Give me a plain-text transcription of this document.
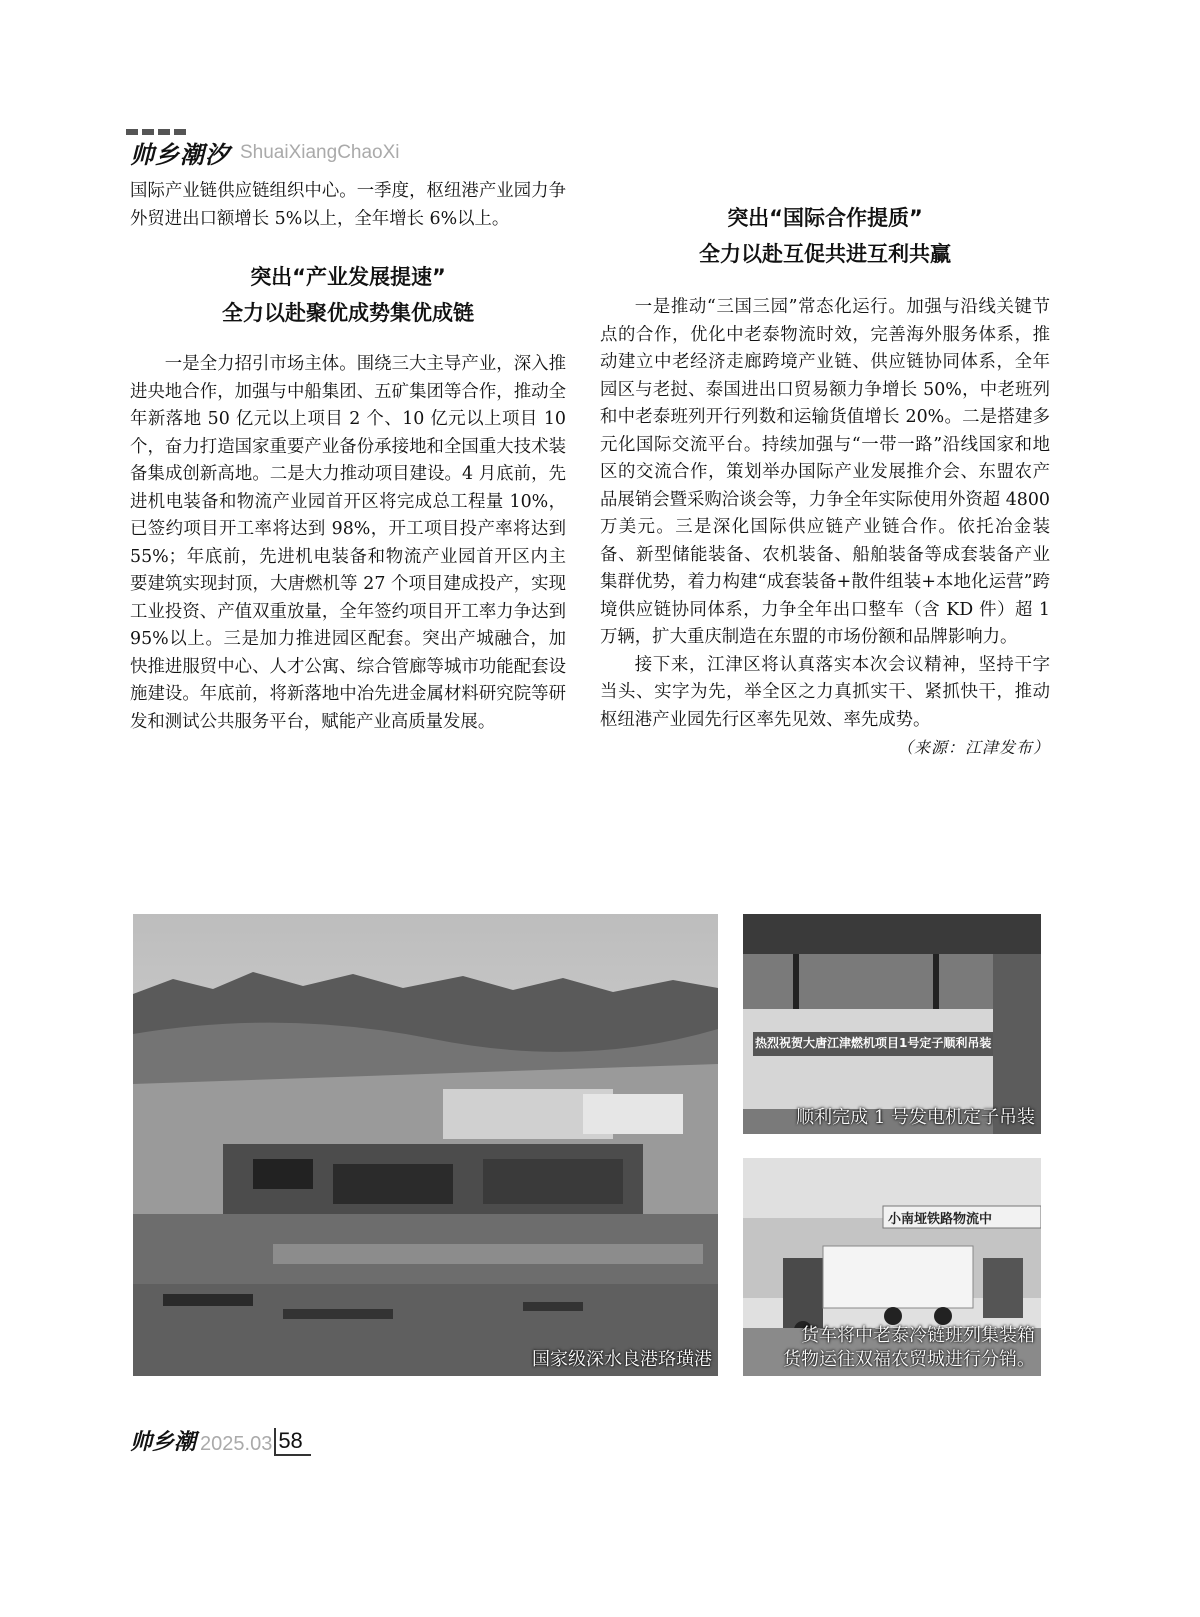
帅乡潮汐 ShuaiXiangChaoXi

国际产业链供应链组织中心。一季度，枢纽港产业园力争外贸进出口额增长 5%以上，全年增长 6%以上。

突出“产业发展提速”

全力以赴聚优成势集优成链

一是全力招引市场主体。围绕三大主导产业，深入推进央地合作，加强与中船集团、五矿集团等合作，推动全年新落地 50 亿元以上项目 2 个、10 亿元以上项目 10 个，奋力打造国家重要产业备份承接地和全国重大技术装备集成创新高地。二是大力推动项目建设。4 月底前，先进机电装备和物流产业园首开区将完成总工程量 10%，已签约项目开工率将达到 98%，开工项目投产率将达到 55%；年底前，先进机电装备和物流产业园首开区内主要建筑实现封顶，大唐燃机等 27 个项目建成投产，实现工业投资、产值双重放量，全年签约项目开工率力争达到 95%以上。三是加力推进园区配套。突出产城融合，加快推进服贸中心、人才公寓、综合管廊等城市功能配套设施建设。年底前，将新落地中冶先进金属材料研究院等研发和测试公共服务平台，赋能产业高质量发展。

突出“国际合作提质”

全力以赴互促共进互利共赢

一是推动“三国三园”常态化运行。加强与沿线关键节点的合作，优化中老泰物流时效，完善海外服务体系，推动建立中老经济走廊跨境产业链、供应链协同体系，全年园区与老挝、泰国进出口贸易额力争增长 50%，中老班列和中老泰班列开行列数和运输货值增长 20%。二是搭建多元化国际交流平台。持续加强与“一带一路”沿线国家和地区的交流合作，策划举办国际产业发展推介会、东盟农产品展销会暨采购洽谈会等，力争全年实际使用外资超 4800 万美元。三是深化国际供应链产业链合作。依托冶金装备、新型储能装备、农机装备、船舶装备等成套装备产业集群优势，着力构建“成套装备+散件组装+本地化运营”跨境供应链协同体系，力争全年出口整车（含 KD 件）超 1 万辆，扩大重庆制造在东盟的市场份额和品牌影响力。

接下来，江津区将认真落实本次会议精神，坚持干字当头、实字为先，举全区之力真抓实干、紧抓快干，推动枢纽港产业园先行区率先见效、率先成势。

（来源：江津发布）

国家级深水良港珞璜港
热烈祝贺大唐江津燃机项目1号定子顺利吊装
顺利完成 1 号发电机定子吊装
小南垭铁路物流中
货车将中老泰冷链班列集装箱
货物运往双福农贸城进行分销。
帅乡潮 2025.03 58
